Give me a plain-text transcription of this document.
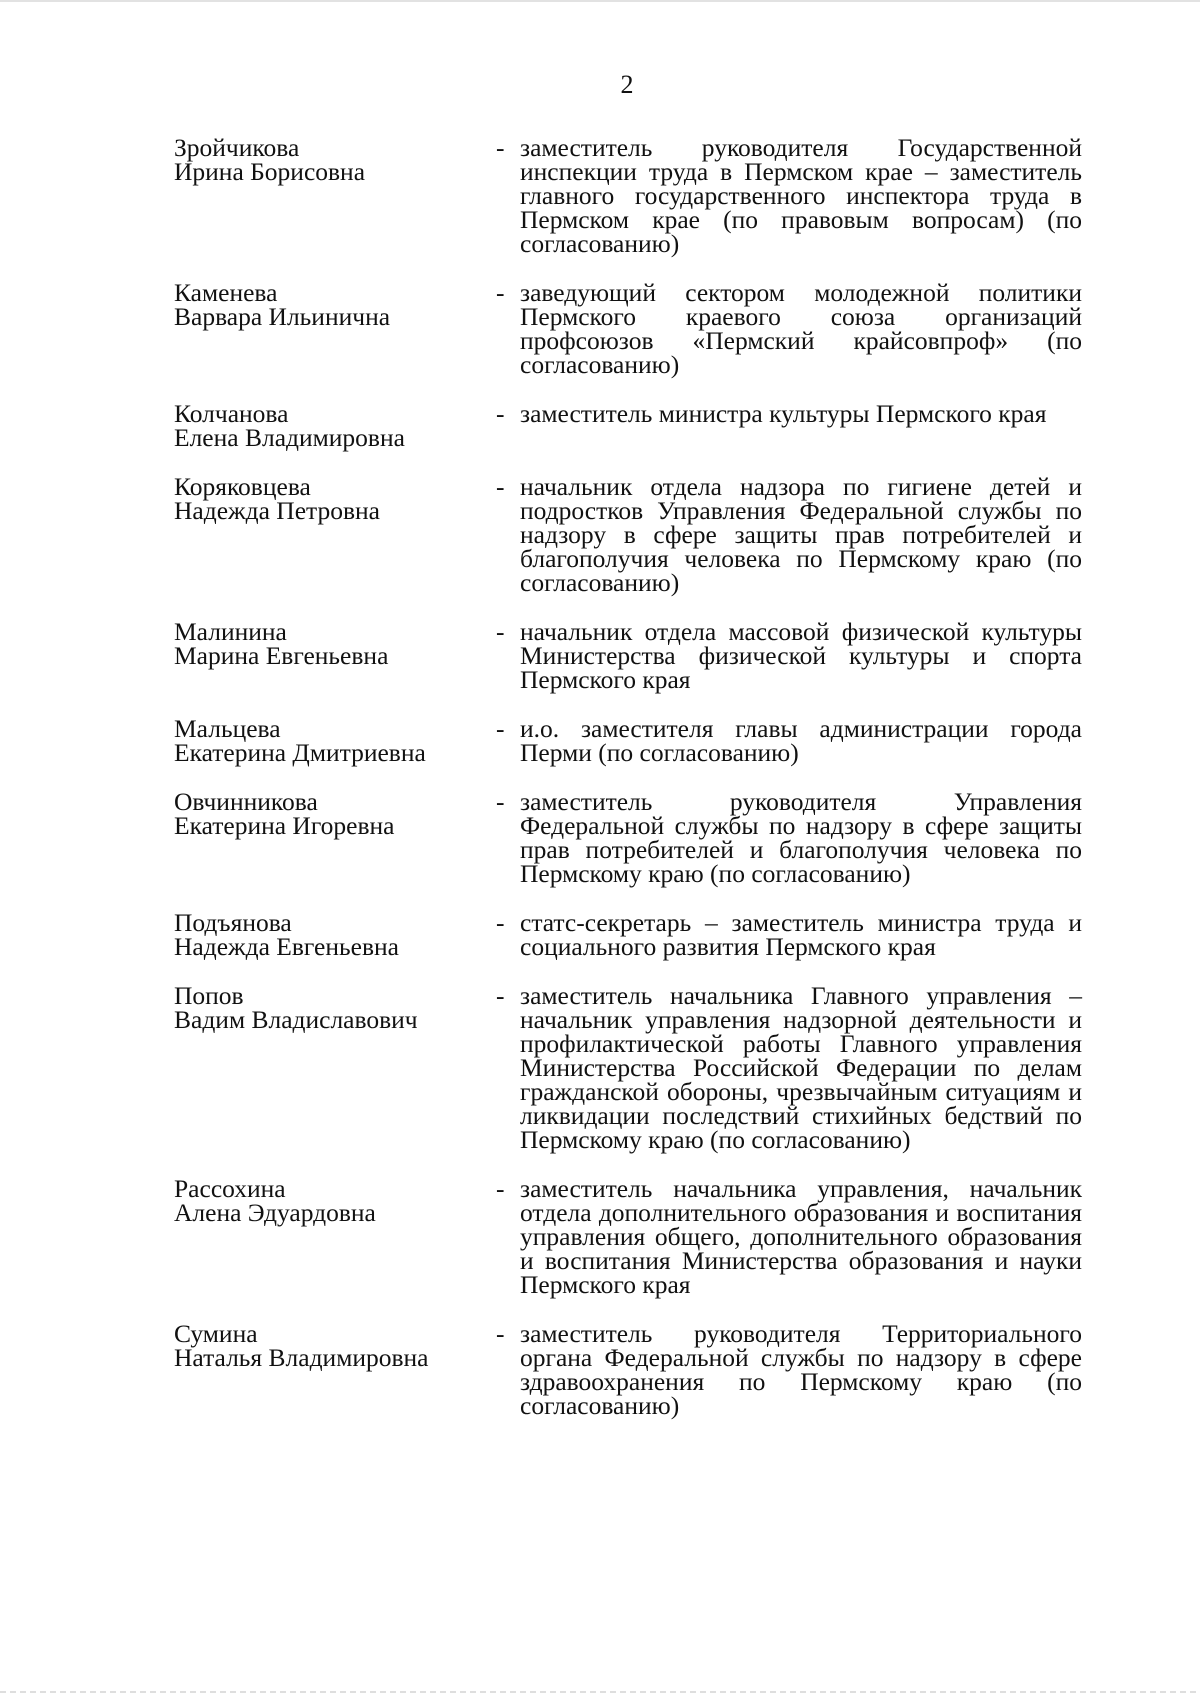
2
Зройчикова
Ирина Борисовна
- заместитель руководителя Государственной инспекции труда в Пермском крае – заместитель главного государственного инспектора труда в Пермском крае (по правовым вопросам) (по согласованию)
Каменева
Варвара Ильинична
- заведующий сектором молодежной политики Пермского краевого союза организаций профсоюзов «Пермский крайсовпроф» (по согласованию)
Колчанова
Елена Владимировна
- заместитель министра культуры Пермского края
Коряковцева
Надежда Петровна
- начальник отдела надзора по гигиене детей и подростков Управления Федеральной службы по надзору в сфере защиты прав потребителей и благополучия человека по Пермскому краю (по согласованию)
Малинина
Марина Евгеньевна
- начальник отдела массовой физической культуры Министерства физической культуры и спорта Пермского края
Мальцева
Екатерина Дмитриевна
- и.о. заместителя главы администрации города Перми (по согласованию)
Овчинникова
Екатерина Игоревна
- заместитель руководителя Управления Федеральной службы по надзору в сфере защиты прав потребителей и благополучия человека по Пермскому краю (по согласованию)
Подъянова
Надежда Евгеньевна
- статс-секретарь – заместитель министра труда и социального развития Пермского края
Попов
Вадим Владиславович
- заместитель начальника Главного управления – начальник управления надзорной деятельности и профилактической работы Главного управления Министерства Российской Федерации по делам гражданской обороны, чрезвычайным ситуациям и ликвидации последствий стихийных бедствий по Пермскому краю (по согласованию)
Рассохина
Алена Эдуардовна
- заместитель начальника управления, начальник отдела дополнительного образования и воспитания управления общего, дополнительного образования и воспитания Министерства образования и науки Пермского края
Сумина
Наталья Владимировна
- заместитель руководителя Территориального органа Федеральной службы по надзору в сфере здравоохранения по Пермскому краю (по согласованию)
